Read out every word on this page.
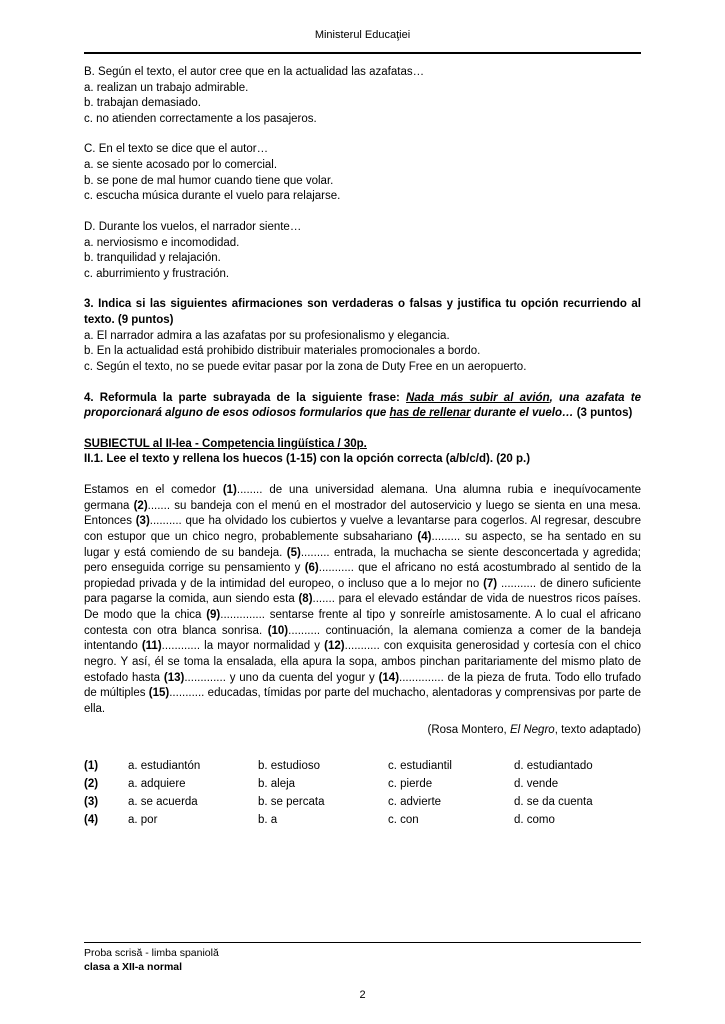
Ministerul Educaţiei
B. Según el texto, el autor cree que en la actualidad las azafatas…
a. realizan un trabajo admirable.
b. trabajan demasiado.
c. no atienden correctamente a los pasajeros.
C. En el texto se dice que el autor…
a. se siente acosado por lo comercial.
b. se pone de mal humor cuando tiene que volar.
c. escucha música durante el vuelo para relajarse.
D. Durante los vuelos, el narrador siente…
a. nerviosismo e incomodidad.
b. tranquilidad y relajación.
c. aburrimiento y frustración.
3. Indica si las siguientes afirmaciones son verdaderas o falsas y justifica tu opción recurriendo al texto. (9 puntos)
a. El narrador admira a las azafatas por su profesionalismo y elegancia.
b. En la actualidad está prohibido distribuir materiales promocionales a bordo.
c. Según el texto, no se puede evitar pasar por la zona de Duty Free en un aeropuerto.
4. Reformula la parte subrayada de la siguiente frase: Nada más subir al avión, una azafata te proporcionará alguno de esos odiosos formularios que has de rellenar durante el vuelo… (3 puntos)
SUBIECTUL al II-lea - Competencia lingüística / 30p.
II.1. Lee el texto y rellena los huecos (1-15) con la opción correcta (a/b/c/d). (20 p.)

Estamos en el comedor (1)........ de una universidad alemana. Una alumna rubia e inequívocamente germana (2)....... su bandeja con el menú en el mostrador del autoservicio y luego se sienta en una mesa. Entonces (3).......... que ha olvidado los cubiertos y vuelve a levantarse para cogerlos. Al regresar, descubre con estupor que un chico negro, probablemente subsahariano (4)......... su aspecto, se ha sentado en su lugar y está comiendo de su bandeja. (5)......... entrada, la muchacha se siente desconcertada y agredida; pero enseguida corrige su pensamiento y (6)........... que el africano no está acostumbrado al sentido de la propiedad privada y de la intimidad del europeo, o incluso que a lo mejor no (7) ........... de dinero suficiente para pagarse la comida, aun siendo esta (8)....... para el elevado estándar de vida de nuestros ricos países. De modo que la chica (9).............. sentarse frente al tipo y sonreírle amistosamente. A lo cual el africano contesta con otra blanca sonrisa. (10).......... continuación, la alemana comienza a comer de la bandeja intentando (11)............ la mayor normalidad y (12)........... con exquisita generosidad y cortesía con el chico negro. Y así, él se toma la ensalada, ella apura la sopa, ambos pinchan paritariamente del mismo plato de estofado hasta (13)............. y uno da cuenta del yogur y (14).............. de la pieza de fruta. Todo ello trufado de múltiples (15)........... educadas, tímidas por parte del muchacho, alentadoras y comprensivas por parte de ella.

(Rosa Montero, El Negro, texto adaptado)
(1)	a. estudiantón	b. estudioso	c. estudiantil	d. estudiantado
(2)	a. adquiere	b. aleja	c. pierde	d. vende
(3)	a. se acuerda	b. se percata	c. advierte	d. se da cuenta
(4)	a. por	b. a	c. con	d. como
Proba scrisă - limba spaniolă
clasa a XII-a normal
2
